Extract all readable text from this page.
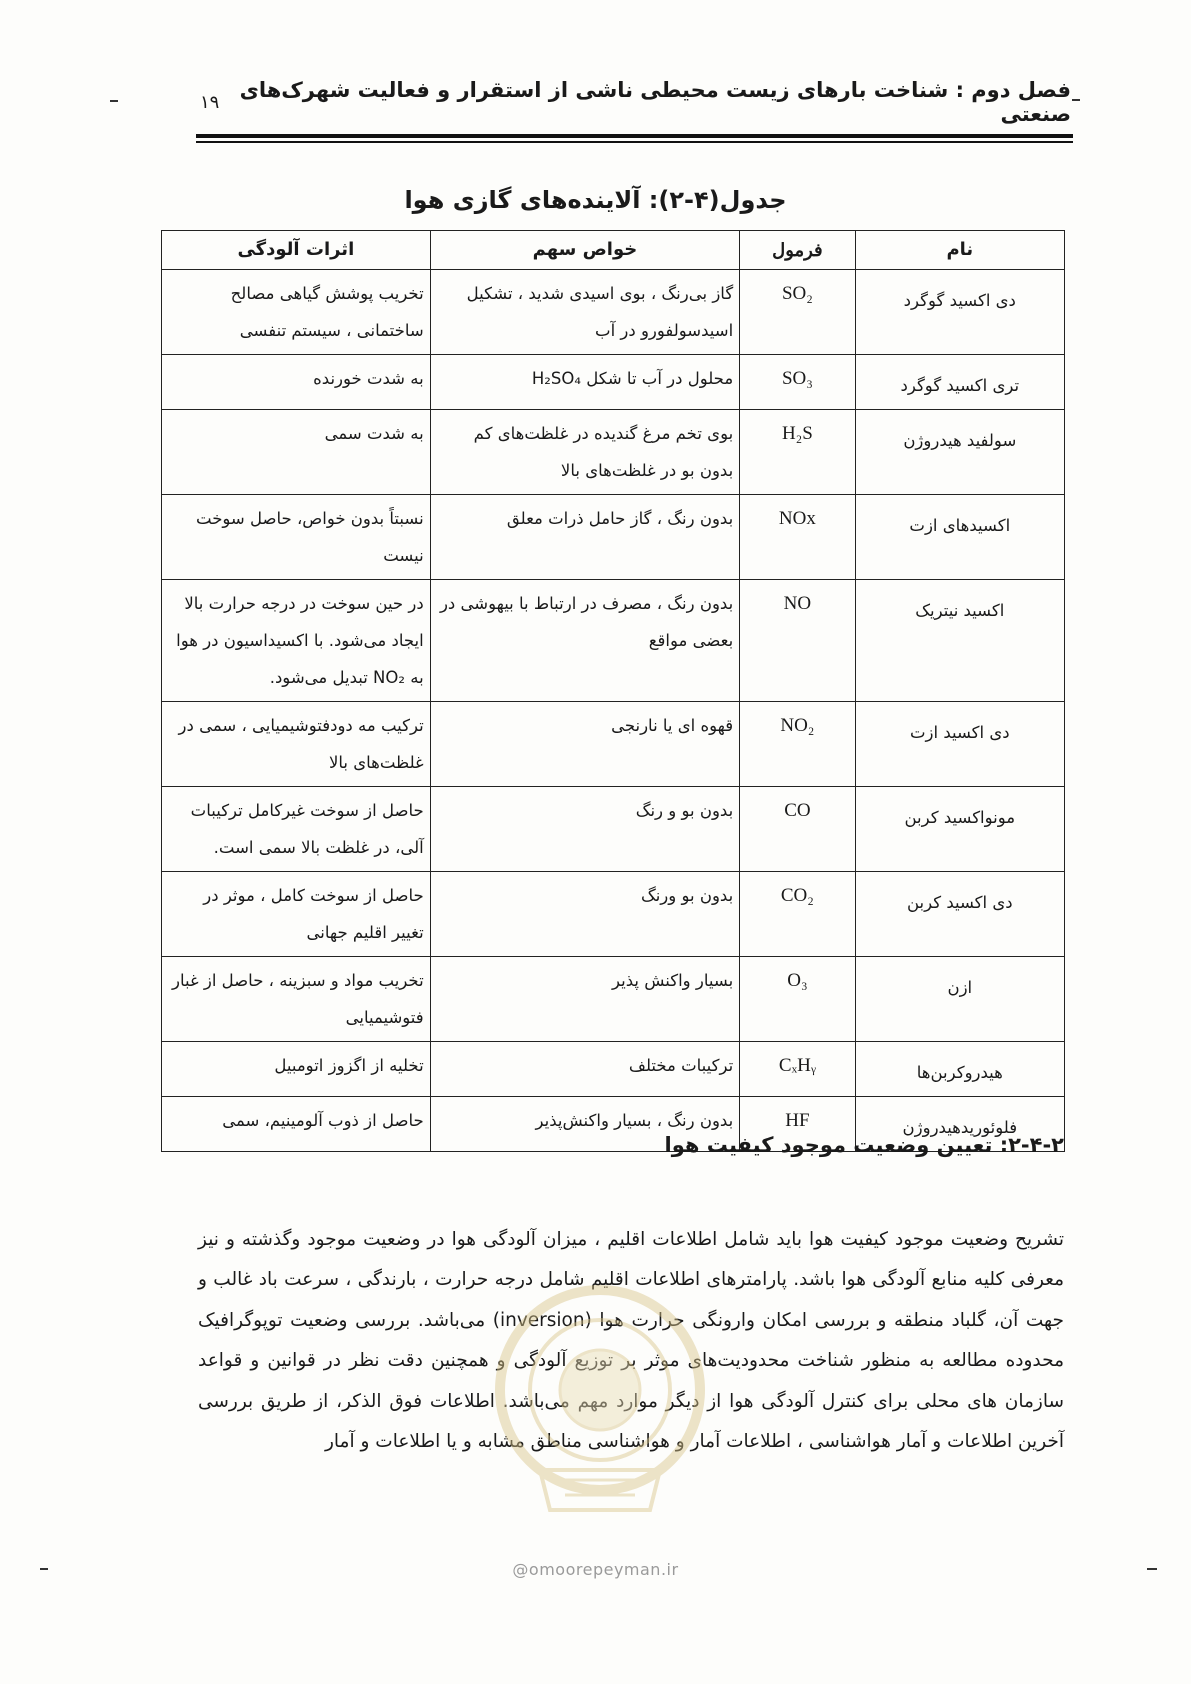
۱۹ فصل دوم : شناخت بارهای زیست محیطی ناشی از استقرار و فعالیت شهرک‌های صنعتی
جدول(۴-۲): آلاینده‌های گازی هوا
نام	فرمول	خواص سهم	اثرات آلودگی
دی اکسید گوگرد	SO₂	گاز بی‌رنگ ، بوی اسیدی شدید ، تشکیل اسیدسولفورو در آب	تخریب پوشش گیاهی مصالح ساختمانی ، سیستم تنفسی
تری اکسید گوگرد	SO₃	محلول در آب تا شکل H₂SO₄	به شدت خورنده
سولفید هیدروژن	H₂S	بوی تخم مرغ گندیده در غلظت‌های کم بدون بو در غلظت‌های بالا	به شدت سمی
اکسیدهای ازت	NOx	بدون رنگ ، گاز حامل ذرات معلق	نسبتاً بدون خواص، حاصل سوخت نیست
اکسید نیتریک	NO	بدون رنگ ، مصرف در ارتباط با بیهوشی در بعضی مواقع	در حین سوخت در درجه حرارت بالا ایجاد می‌شود. با اکسیداسیون در هوا به NO₂ تبدیل می‌شود.
دی اکسید ازت	NO₂	قهوه ای یا نارنجی	ترکیب مه دودفتوشیمیایی ، سمی در غلظت‌های بالا
مونواکسید کربن	CO	بدون بو و رنگ	حاصل از سوخت غیرکامل ترکیبات آلی، در غلظت بالا سمی است.
دی اکسید کربن	CO₂	بدون بو ورنگ	حاصل از سوخت کامل ، موثر در تغییر اقلیم جهانی
ازن	O₃	بسیار واکنش پذیر	تخریب مواد و سبزینه ، حاصل از غبار فتوشیمیایی
هیدروکربن‌ها	CₓHᵧ	ترکیبات مختلف	تخلیه از اگزوز اتومبیل
فلوئوریدهیدروژن	HF	بدون رنگ ، بسیار واکنش‌پذیر	حاصل از ذوب آلومینیم، سمی
۲-۴-۲: تعیین وضعیت موجود کیفیت هوا
تشریح وضعیت موجود کیفیت هوا باید شامل اطلاعات اقلیم ، میزان آلودگی هوا در وضعیت موجود وگذشته و نیز معرفی کلیه منابع آلودگی هوا باشد. پارامترهای اطلاعات اقلیم شامل درجه حرارت ، بارندگی ، سرعت باد غالب و جهت آن، گلباد منطقه و بررسی امکان وارونگی حرارت هوا (inversion) می‌باشد. بررسی وضعیت توپوگرافیک محدوده مطالعه به منظور شناخت محدودیت‌های موثر بر توزیع آلودگی و همچنین دقت نظر در قوانین و قواعد سازمان های محلی برای کنترل آلودگی هوا از دیگر موارد مهم می‌باشد. اطلاعات فوق الذکر، از طریق بررسی آخرین اطلاعات و آمار هواشناسی ، اطلاعات آمار و هواشناسی مناطق مشابه و یا اطلاعات و آمار
@omoorepeyman.ir
